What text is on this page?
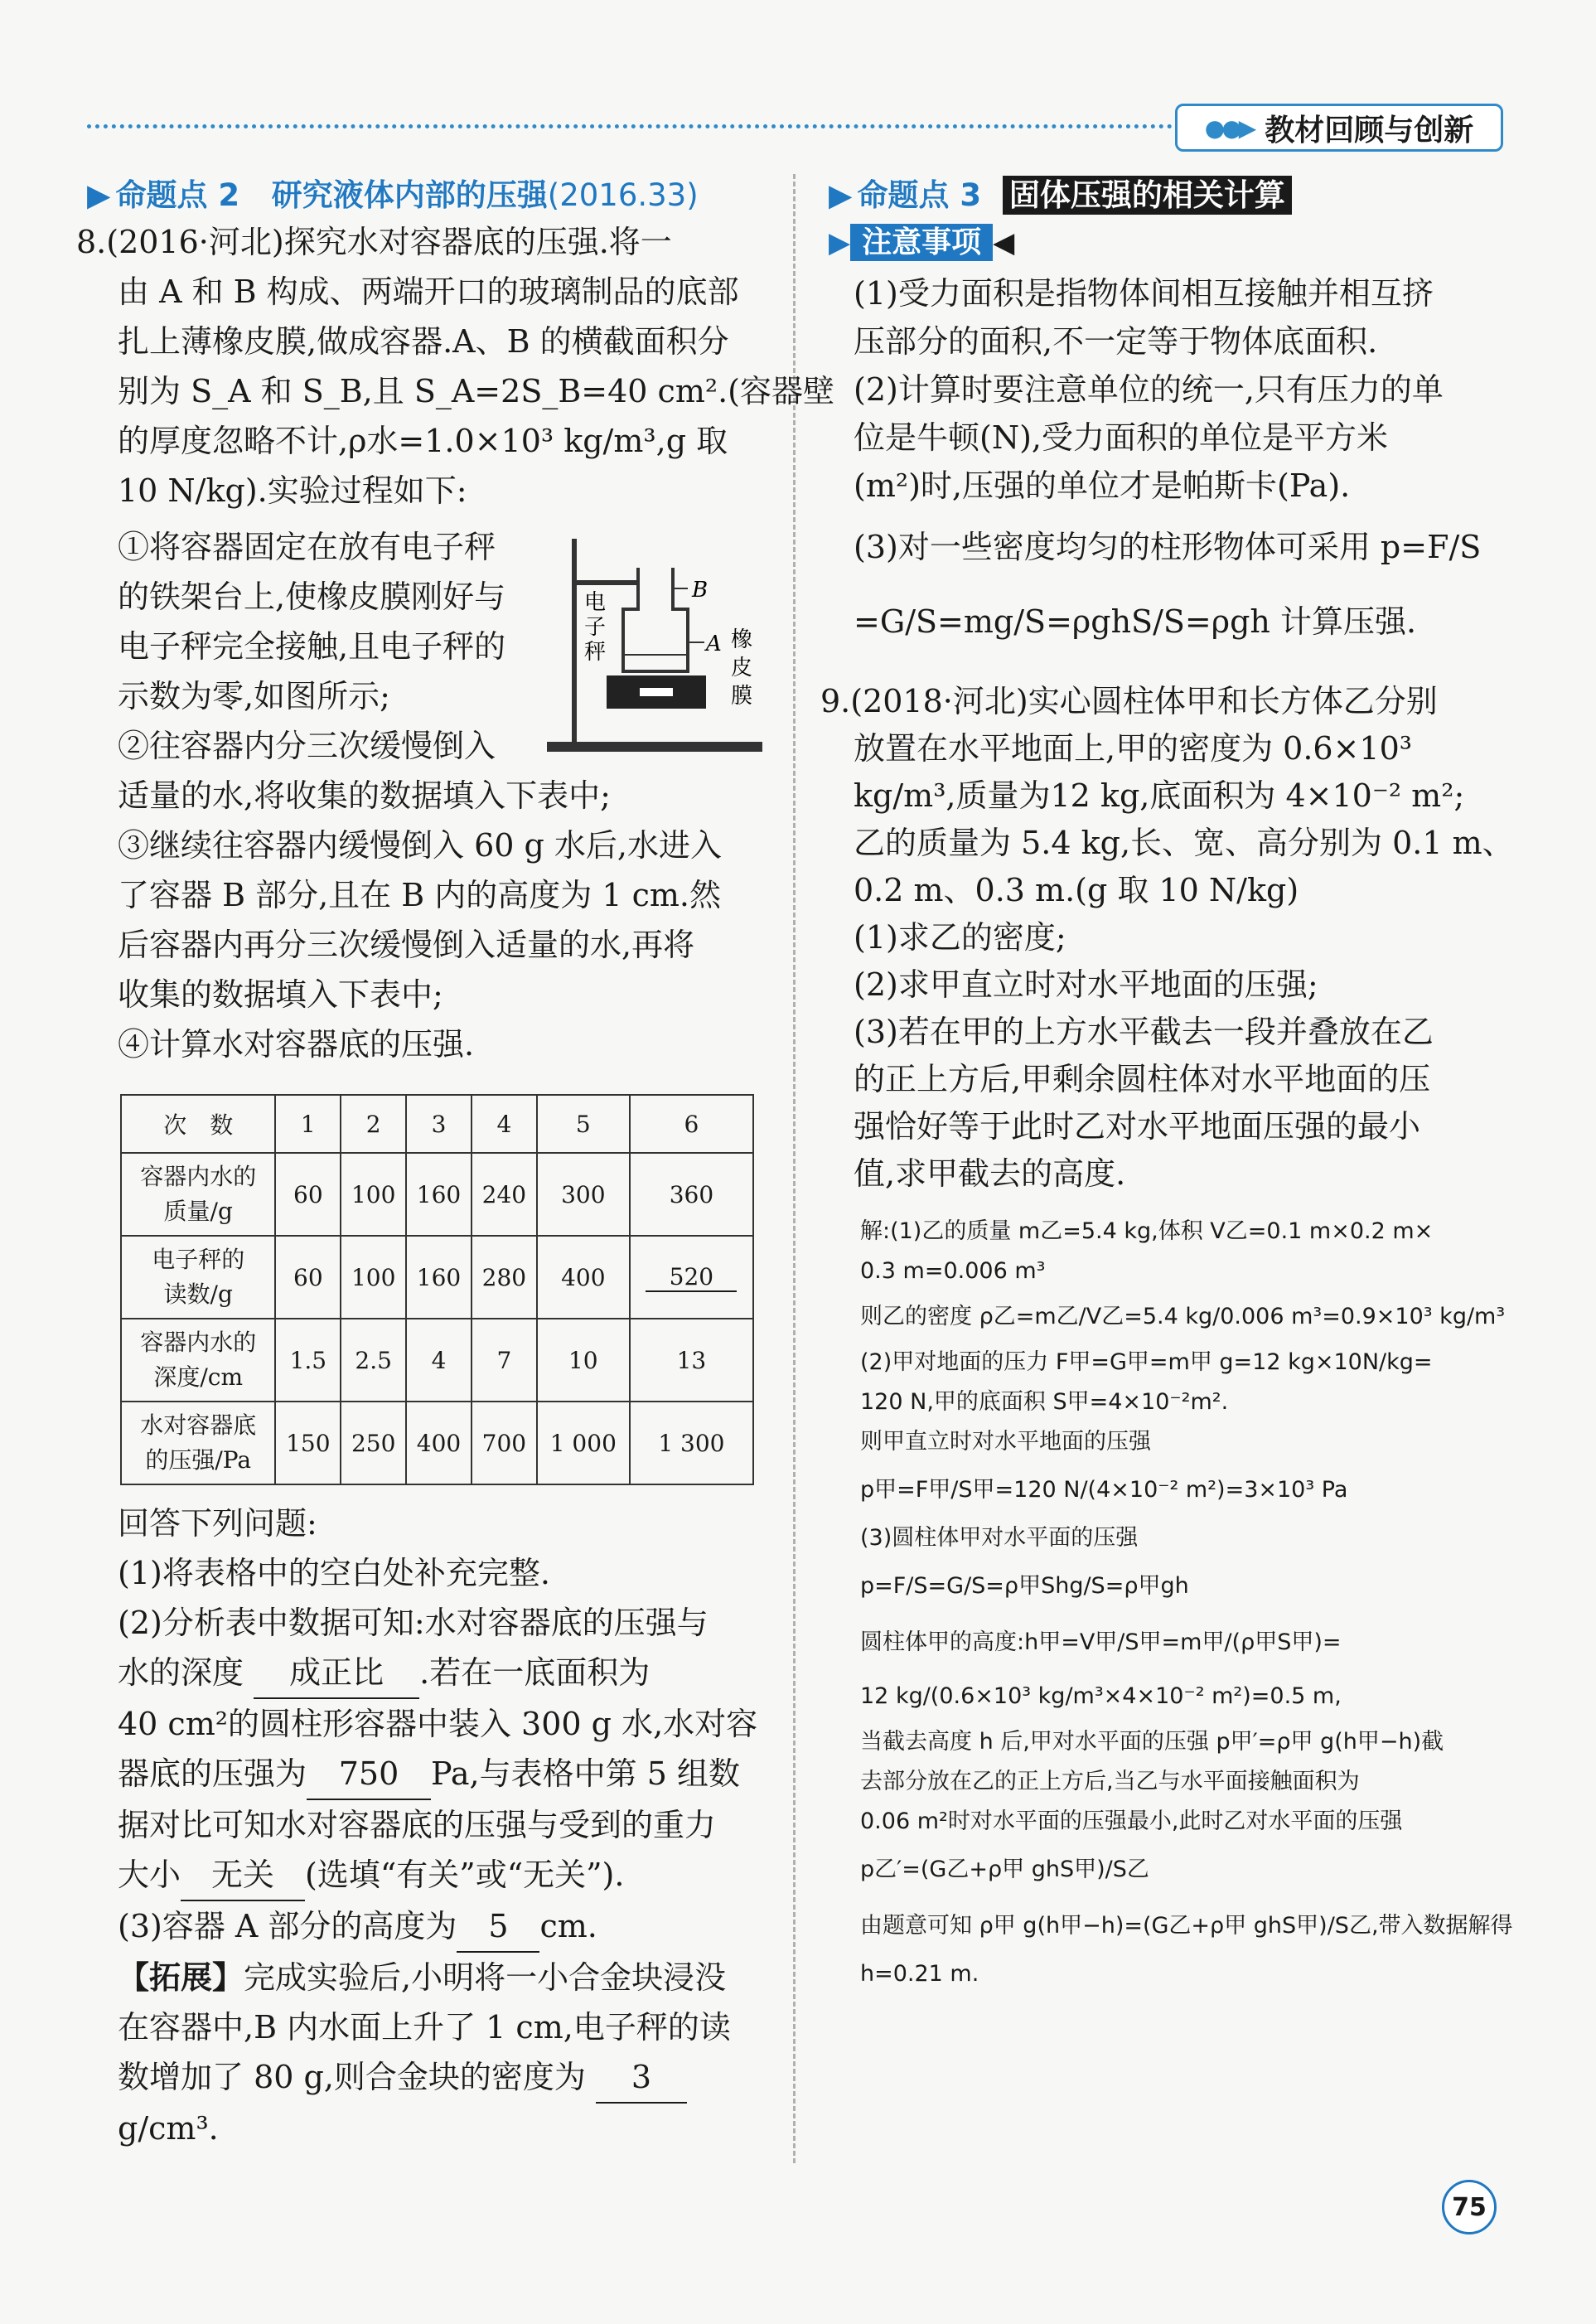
●●▶ 教材回顾与创新
▶ 命题点 2 研究液体内部的压强(2016.33)
8.(2016·河北)探究水对容器底的压强.将一
由 A 和 B 构成、两端开口的玻璃制品的底部
扎上薄橡皮膜,做成容器.A、B 的横截面积分
别为 S_A 和 S_B,且 S_A=2S_B=40 cm².(容器壁
的厚度忽略不计,ρ水=1.0×10³ kg/m³,g 取
10 N/kg).实验过程如下:
①将容器固定在放有电子秤
的铁架台上,使橡皮膜刚好与
电子秤完全接触,且电子秤的
示数为零,如图所示;
②往容器内分三次缓慢倒入
适量的水,将收集的数据填入下表中;
③继续往容器内缓慢倒入 60 g 水后,水进入
了容器 B 部分,且在 B 内的高度为 1 cm.然
后容器内再分三次缓慢倒入适量的水,再将
收集的数据填入下表中;
④计算水对容器底的压强.
电子秤
B
A 橡皮膜
次　数	1	2	3	4	5	6
容器内水的
质量/g	60	100	160	240	300	360
电子秤的
读数/g	60	100	160	280	400	520
容器内水的
深度/cm	1.5	2.5	4	7	10	13
水对容器底
的压强/Pa	150	250	400	700	1 000	1 300
回答下列问题:
(1)将表格中的空白处补充完整.
(2)分析表中数据可知:水对容器底的压强与
水的深度 成正比 .若在一底面积为
40 cm²的圆柱形容器中装入 300 g 水,水对容
器底的压强为 750 Pa,与表格中第 5 组数
据对比可知水对容器底的压强与受到的重力
大小 无关 (选填“有关”或“无关”).
(3)容器 A 部分的高度为 5 cm.
【拓展】完成实验后,小明将一小合金块浸没
在容器中,B 内水面上升了 1 cm,电子秤的读
数增加了 80 g,则合金块的密度为 3
g/cm³.
▶ 命题点 3 固体压强的相关计算
▶ 注意事项 ◀
(1)受力面积是指物体间相互接触并相互挤
压部分的面积,不一定等于物体底面积.
(2)计算时要注意单位的统一,只有压力的单
位是牛顿(N),受力面积的单位是平方米
(m²)时,压强的单位才是帕斯卡(Pa).
(3)对一些密度均匀的柱形物体可采用 p=F/S
=G/S=mg/S=ρghS/S=ρgh 计算压强.
9.(2018·河北)实心圆柱体甲和长方体乙分别
放置在水平地面上,甲的密度为 0.6×10³
kg/m³,质量为12 kg,底面积为 4×10⁻² m²;
乙的质量为 5.4 kg,长、宽、高分别为 0.1 m、
0.2 m、0.3 m.(g 取 10 N/kg)
(1)求乙的密度;
(2)求甲直立时对水平地面的压强;
(3)若在甲的上方水平截去一段并叠放在乙
的正上方后,甲剩余圆柱体对水平地面的压
强恰好等于此时乙对水平地面压强的最小
值,求甲截去的高度.
解:(1)乙的质量 m乙=5.4 kg,体积 V乙=0.1 m×0.2 m×
0.3 m=0.006 m³
则乙的密度 ρ乙=m乙/V乙=5.4 kg/0.006 m³=0.9×10³ kg/m³
(2)甲对地面的压力 F甲=G甲=m甲 g=12 kg×10N/kg=
120 N,甲的底面积 S甲=4×10⁻²m².
则甲直立时对水平地面的压强
p甲=F甲/S甲=120 N/(4×10⁻² m²)=3×10³ Pa
(3)圆柱体甲对水平面的压强
p=F/S=G/S=ρ甲Shg/S=ρ甲gh
圆柱体甲的高度:h甲=V甲/S甲=m甲/(ρ甲S甲)=
12 kg/(0.6×10³ kg/m³×4×10⁻² m²)=0.5 m,
当截去高度 h 后,甲对水平面的压强 p甲′=ρ甲 g(h甲−h)截
去部分放在乙的正上方后,当乙与水平面接触面积为
0.06 m²时对水平面的压强最小,此时乙对水平面的压强
p乙′=(G乙+ρ甲 ghS甲)/S乙
由题意可知 ρ甲 g(h甲−h)=(G乙+ρ甲 ghS甲)/S乙,带入数据解得
h=0.21 m.
75
